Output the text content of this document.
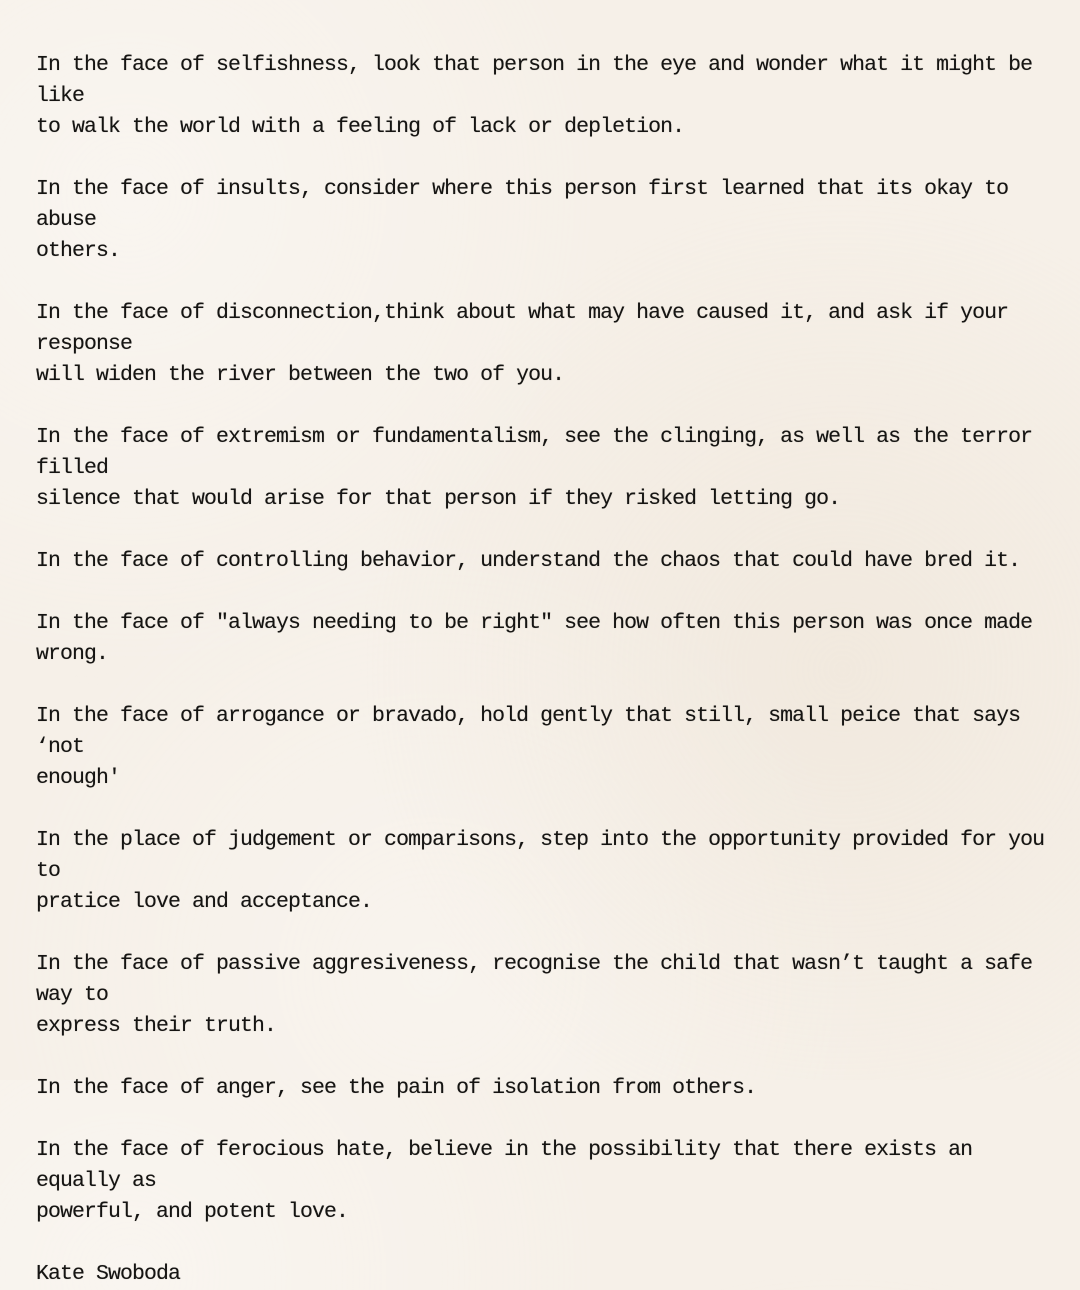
In the face of selfishness, look that person in the eye and wonder what it might be like
to walk the world with a feeling of lack or depletion.

In the face of insults, consider where this person first learned that its okay to abuse
others.

In the face of disconnection,think about what may have caused it, and ask if your response
will widen the river between the two of you.

In the face of extremism or fundamentalism, see the clinging, as well as the terror filled
silence that would arise for that person if they risked letting go.

In the face of controlling behavior, understand the chaos that could have bred it.

In the face of "always needing to be right" see how often this person was once made wrong.

In the face of arrogance or bravado, hold gently that still, small peice that says ‘not
enough'

In the place of judgement or comparisons, step into the opportunity provided for you to
pratice love and acceptance.

In the face of passive aggresiveness, recognise the child that wasn’t taught a safe way to
express their truth.

In the face of anger, see the pain of isolation from others.

In the face of ferocious hate, believe in the possibility that there exists an equally as
powerful, and potent love.

Kate Swoboda
